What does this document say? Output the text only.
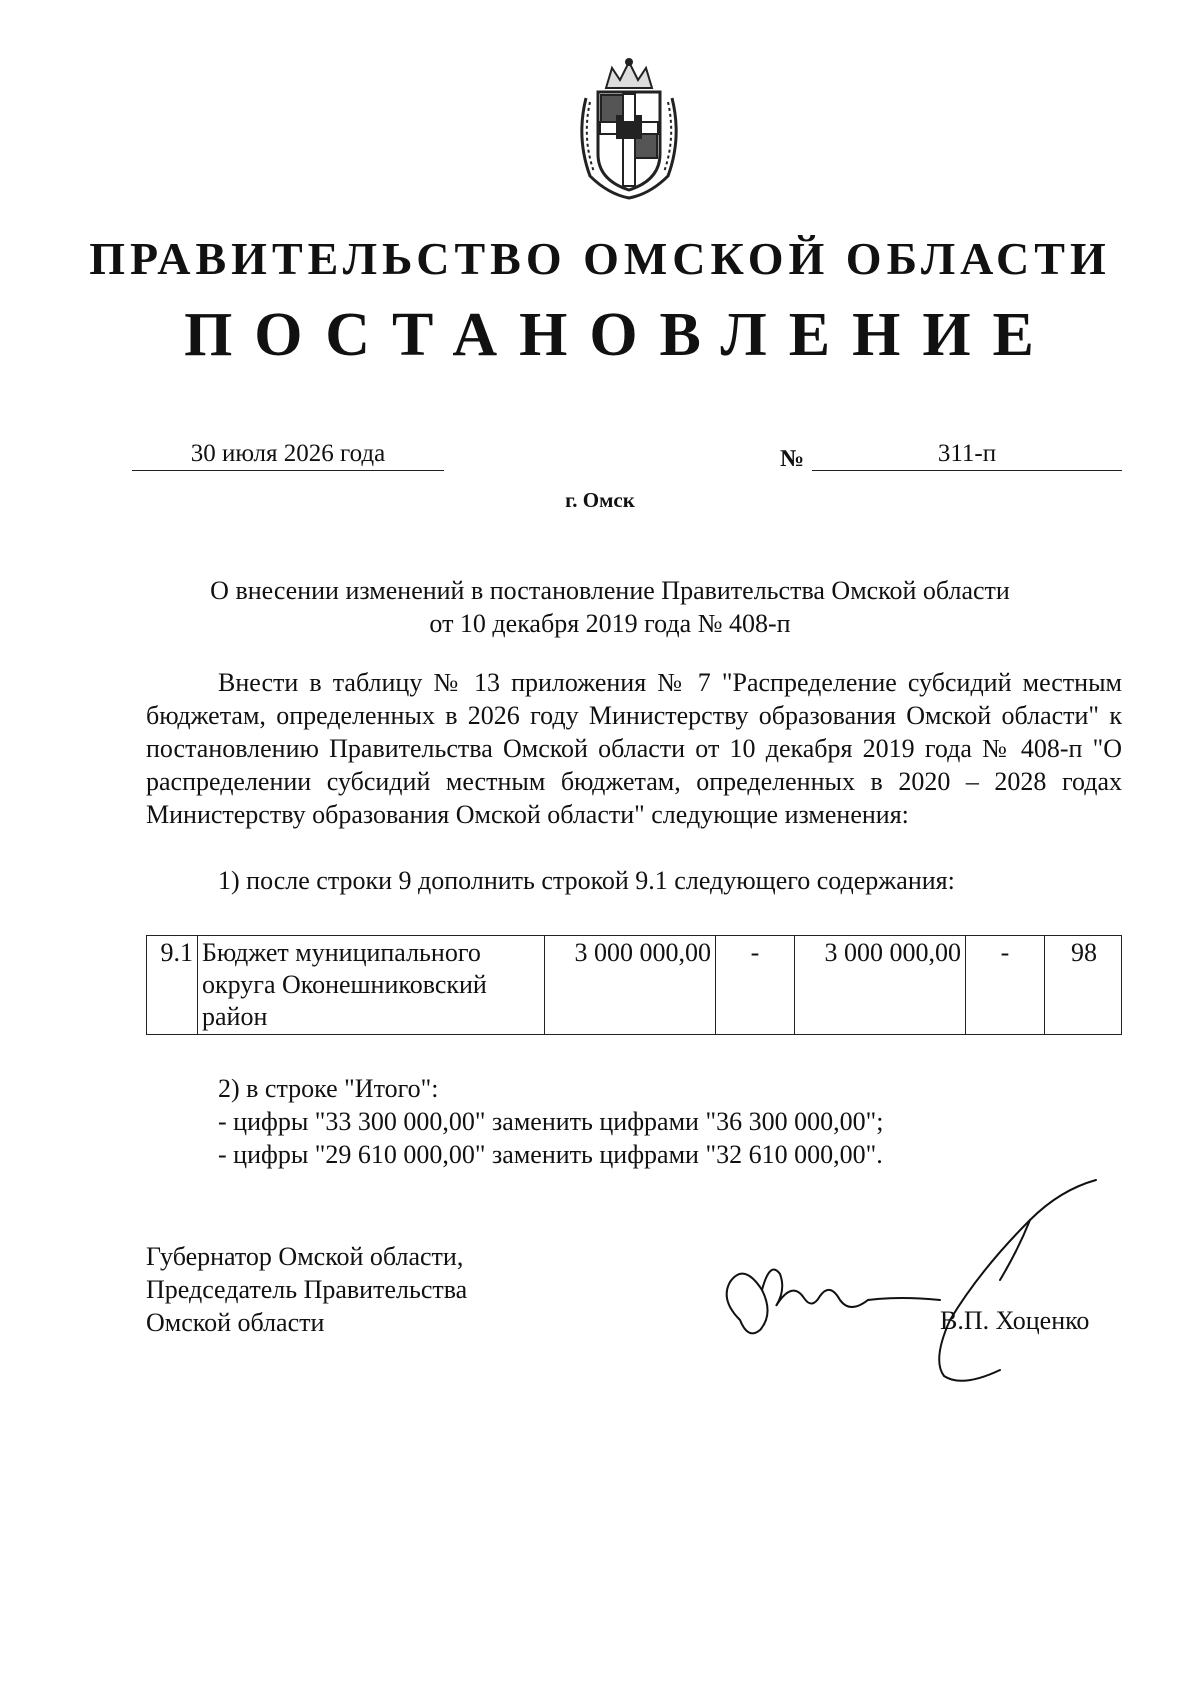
ПРАВИТЕЛЬСТВО ОМСКОЙ ОБЛАСТИ
ПОСТАНОВЛЕНИЕ
30 июля 2026 года	№	311-п
г. Омск
О внесении изменений в постановление Правительства Омской области
от 10 декабря 2019 года № 408-п
Внести в таблицу № 13 приложения № 7 "Распределение субсидий местным бюджетам, определенных в 2026 году Министерству образования Омской области" к постановлению Правительства Омской области от 10 декабря 2019 года № 408-п "О распределении субсидий местным бюджетам, определенных в 2020 – 2028 годах Министерству образования Омской области" следующие изменения:
1) после строки 9 дополнить строкой 9.1 следующего содержания:
9.1	Бюджет муниципального округа Оконешниковский район	3 000 000,00	-	3 000 000,00	-	98
2) в строке "Итого":
- цифры "33 300 000,00" заменить цифрами "36 300 000,00";
- цифры "29 610 000,00" заменить цифрами "32 610 000,00".
Губернатор Омской области,
Председатель Правительства
Омской области	В.П. Хоценко
